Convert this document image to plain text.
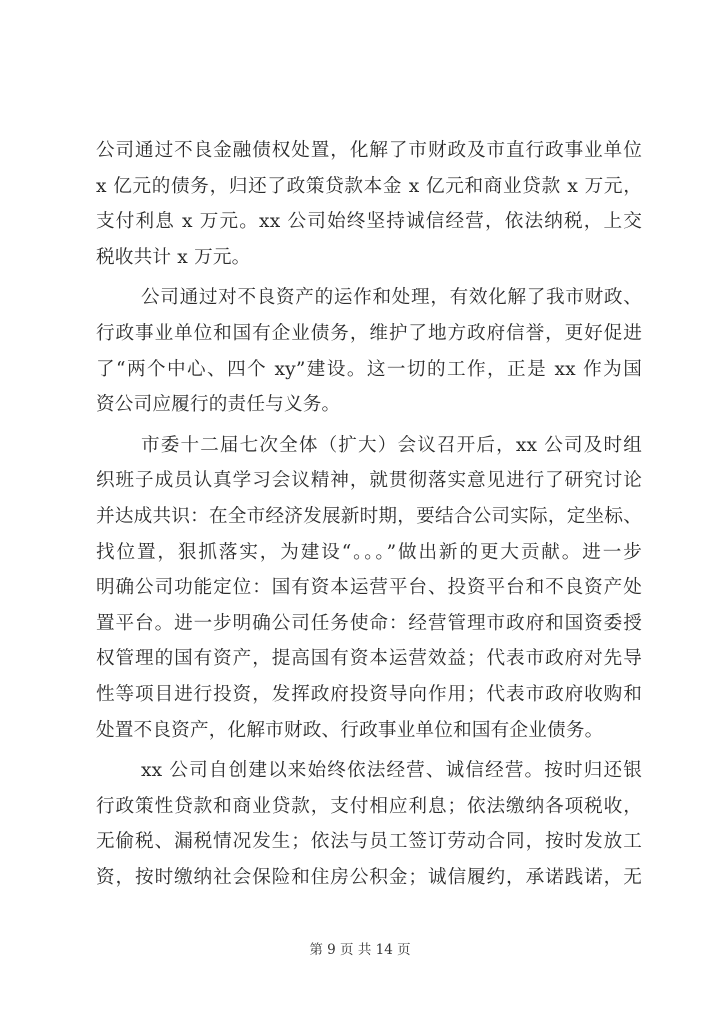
公司通过不良金融债权处置，化解了市财政及市直行政事业单位
x 亿元的债务，归还了政策贷款本金 x 亿元和商业贷款 x 万元，
支付利息 x 万元。xx 公司始终坚持诚信经营，依法纳税，上交
税收共计 x 万元。
公司通过对不良资产的运作和处理，有效化解了我市财政、
行政事业单位和国有企业债务，维护了地方政府信誉，更好促进
了“两个中心、四个 xy”建设。这一切的工作，正是 xx 作为国
资公司应履行的责任与义务。
市委十二届七次全体（扩大）会议召开后，xx 公司及时组
织班子成员认真学习会议精神，就贯彻落实意见进行了研究讨论
并达成共识：在全市经济发展新时期，要结合公司实际，定坐标、
找位置，狠抓落实，为建设“。。。”做出新的更大贡献。进一步
明确公司功能定位：国有资本运营平台、投资平台和不良资产处
置平台。进一步明确公司任务使命：经营管理市政府和国资委授
权管理的国有资产，提高国有资本运营效益；代表市政府对先导
性等项目进行投资，发挥政府投资导向作用；代表市政府收购和
处置不良资产，化解市财政、行政事业单位和国有企业债务。
xx 公司自创建以来始终依法经营、诚信经营。按时归还银
行政策性贷款和商业贷款，支付相应利息；依法缴纳各项税收，
无偷税、漏税情况发生；依法与员工签订劳动合同，按时发放工
资，按时缴纳社会保险和住房公积金；诚信履约，承诺践诺，无
第 9 页 共 14 页
